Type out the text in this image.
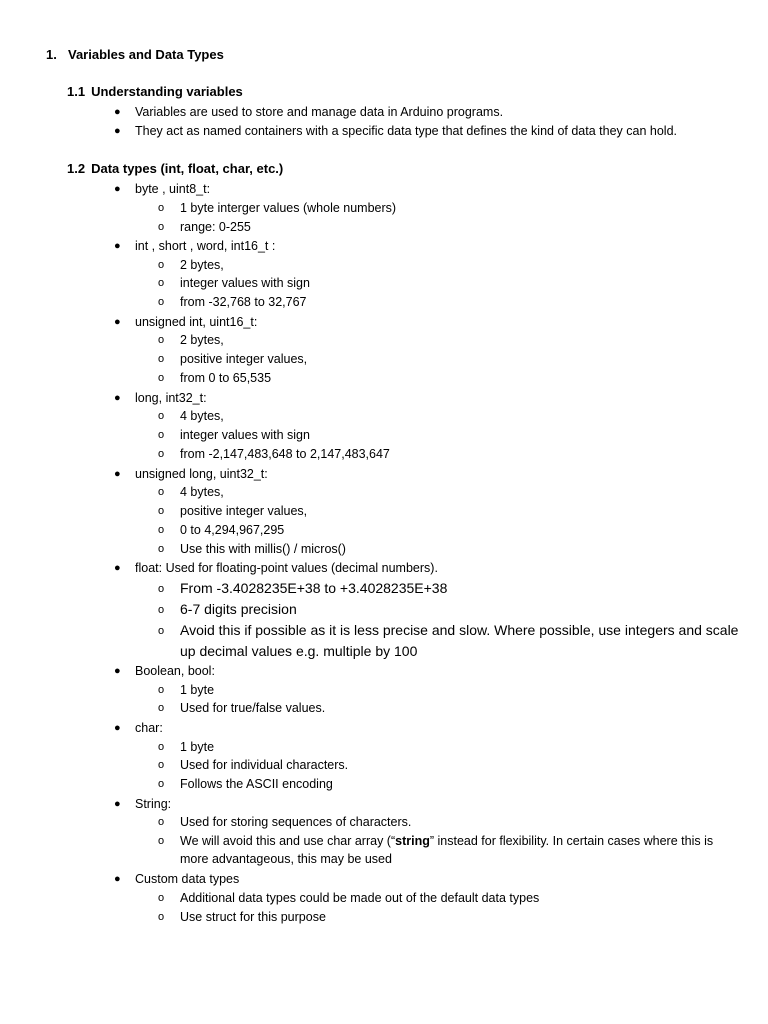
1. Variables and Data Types
1.1 Understanding variables
● Variables are used to store and manage data in Arduino programs.
● They act as named containers with a specific data type that defines the kind of data they can hold.
1.2 Data types (int, float, char, etc.)
● byte , uint8_t:
o 1 byte interger values (whole numbers)
o range: 0-255
● int , short , word, int16_t :
o 2 bytes,
o integer values with sign
o from -32,768 to 32,767
● unsigned int, uint16_t:
o 2 bytes,
o positive integer values,
o from 0 to 65,535
● long, int32_t:
o 4 bytes,
o integer values with sign
o from -2,147,483,648 to 2,147,483,647
● unsigned long, uint32_t:
o 4 bytes,
o positive integer values,
o 0 to 4,294,967,295
o Use this with millis() / micros()
● float: Used for floating-point values (decimal numbers).
o From -3.4028235E+38 to +3.4028235E+38
o 6-7 digits precision
o Avoid this if possible as it is less precise and slow. Where possible, use integers and scale up decimal values e.g. multiple by 100
● Boolean, bool:
o 1 byte
o Used for true/false values.
● char:
o 1 byte
o Used for individual characters.
o Follows the ASCII encoding
● String:
o Used for storing sequences of characters.
o We will avoid this and use char array (“string” instead for flexibility. In certain cases where this is more advantageous, this may be used
● Custom data types
o Additional data types could be made out of the default data types
o Use struct for this purpose
